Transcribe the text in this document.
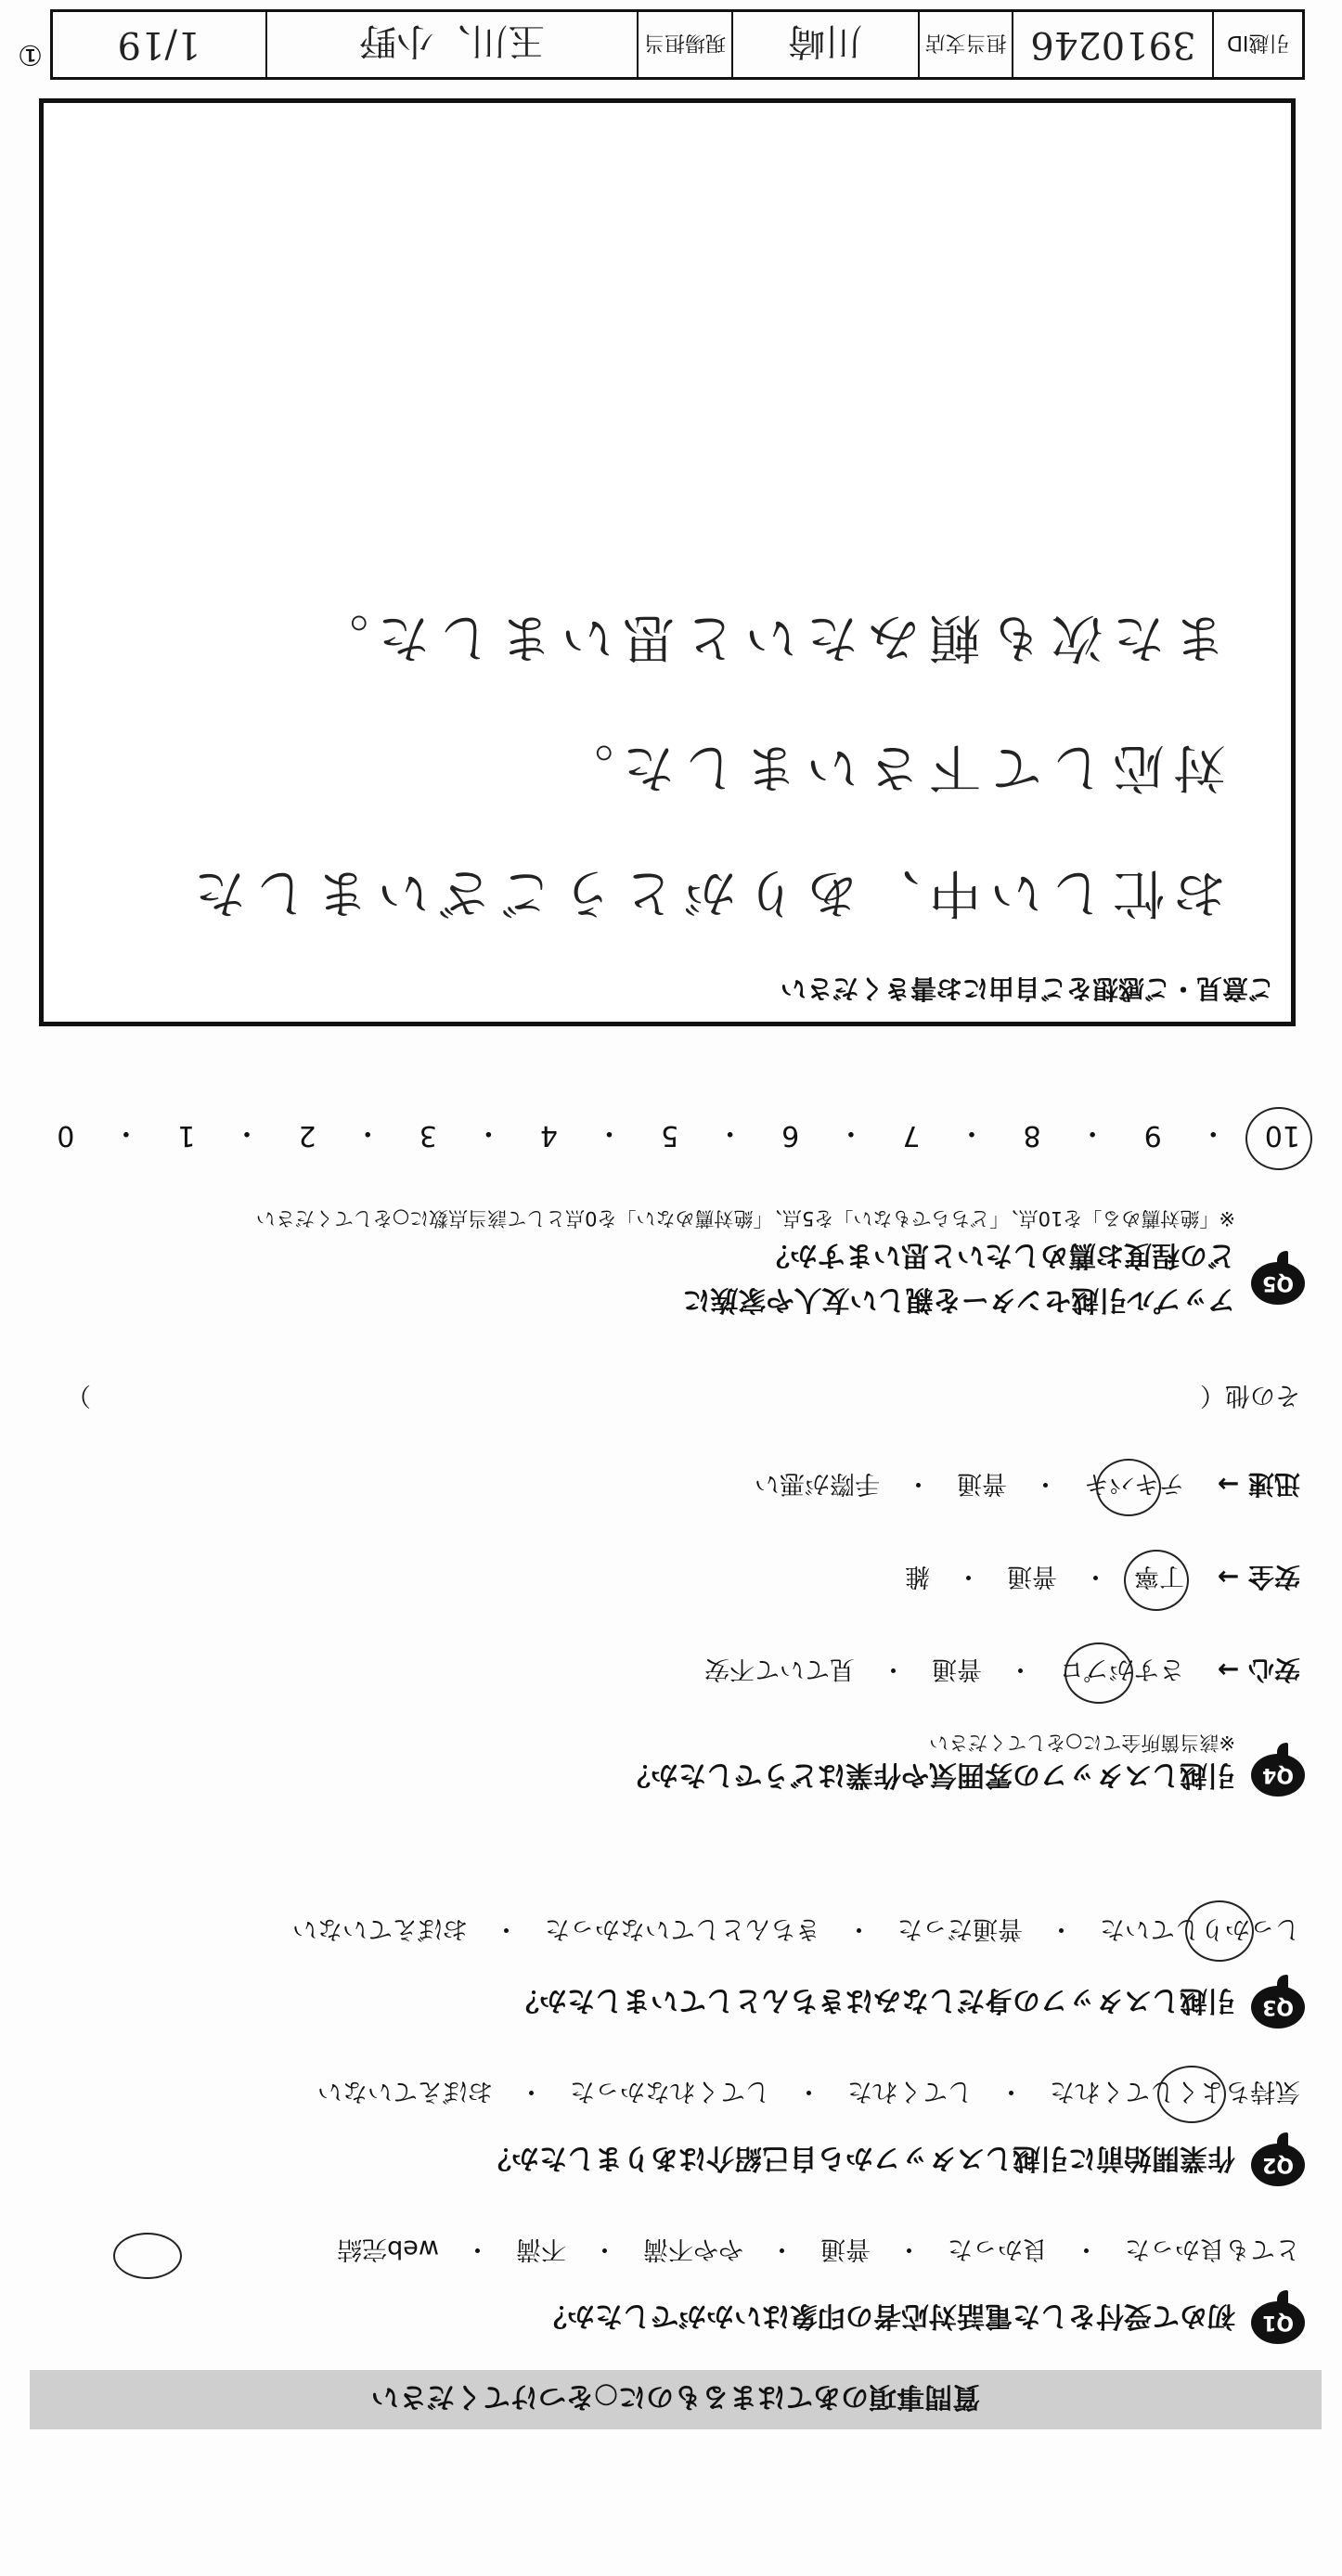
質問事項のあてはまるものに○をつけてください
Q1
初めて受付をした電話対応者の印象はいかがでしたか？
とても良かった
・
良かった
・
普通
・
やや不満
・
不満
・
web完結
Q2
作業開始前に引越しスタッフから自己紹介はありましたか？
気持ちよくしてくれた
・
してくれた
・
してくれなかった
・
おぼえていない
Q3
引越しスタッフの身だしなみはきちんとしていましたか？
しっかりしていた
・
普通だった
・
きちんとしていなかった
・
おぼえていない
Q4
引越しスタッフの雰囲気や作業はどうでしたか？
※該当箇所全てに○をしてください
安心 →
さすがプロ
・
普通
・
見ていて不安
安全 →
丁寧
・
普通
・
雑
迅速 →
テキパキ
・
普通
・
手際が悪い
その他（
）
Q5
アップル引越センターを親しい友人や家族に
どの程度お薦めしたいと思いますか？
※「絶対薦める」を10点、「どちらでもない」を5点、「絶対薦めない」を0点として該当点数に○をしてください
10
・
9
・
8
・
7
・
6
・
5
・
4
・
3
・
2
・
1
・
0
ご意見・ご感想をご自由にお書きください
お忙しい中、ありがとうございました
対応して下さいました。
また次も頼みたいと思いました。
引越ID
3910246
担当支店
川崎
現場担当
玉川、小野
1/19
①
